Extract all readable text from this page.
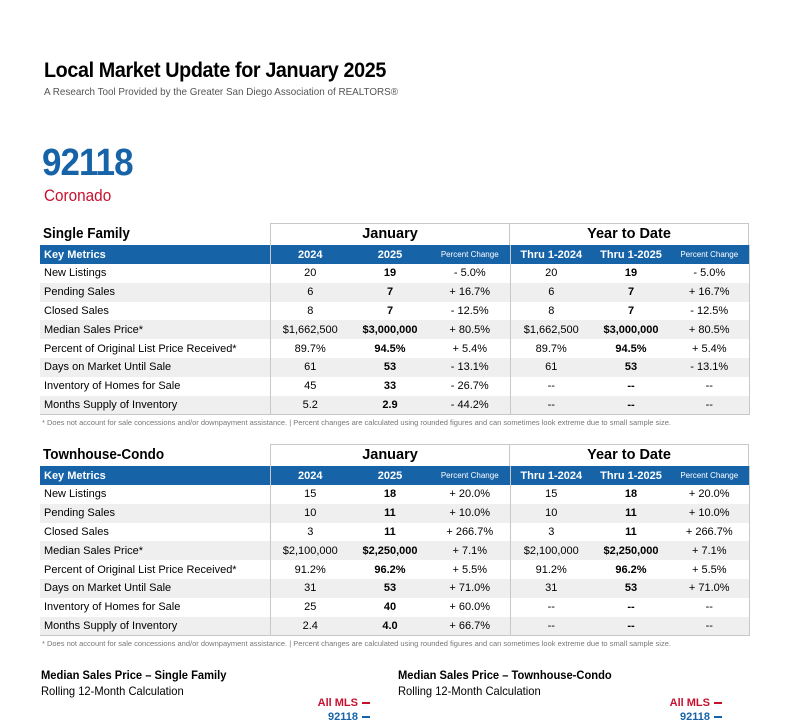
Local Market Update for January 2025
A Research Tool Provided by the Greater San Diego Association of REALTORS®
92118
Coronado
Single Family	January	Year to Date
Key Metrics	2024	2025	Percent Change	Thru 1-2024	Thru 1-2025	Percent Change
New Listings	20	19	- 5.0%	20	19	- 5.0%
Pending Sales	6	7	+ 16.7%	6	7	+ 16.7%
Closed Sales	8	7	- 12.5%	8	7	- 12.5%
Median Sales Price*	$1,662,500	$3,000,000	+ 80.5%	$1,662,500	$3,000,000	+ 80.5%
Percent of Original List Price Received*	89.7%	94.5%	+ 5.4%	89.7%	94.5%	+ 5.4%
Days on Market Until Sale	61	53	- 13.1%	61	53	- 13.1%
Inventory of Homes for Sale	45	33	- 26.7%	--	--	--
Months Supply of Inventory	5.2	2.9	- 44.2%	--	--	--
* Does not account for sale concessions and/or downpayment assistance. | Percent changes are calculated using rounded figures and can sometimes look extreme due to small sample size.
Townhouse-Condo	January	Year to Date
Key Metrics	2024	2025	Percent Change	Thru 1-2024	Thru 1-2025	Percent Change
New Listings	15	18	+ 20.0%	15	18	+ 20.0%
Pending Sales	10	11	+ 10.0%	10	11	+ 10.0%
Closed Sales	3	11	+ 266.7%	3	11	+ 266.7%
Median Sales Price*	$2,100,000	$2,250,000	+ 7.1%	$2,100,000	$2,250,000	+ 7.1%
Percent of Original List Price Received*	91.2%	96.2%	+ 5.5%	91.2%	96.2%	+ 5.5%
Days on Market Until Sale	31	53	+ 71.0%	31	53	+ 71.0%
Inventory of Homes for Sale	25	40	+ 60.0%	--	--	--
Months Supply of Inventory	2.4	4.0	+ 66.7%	--	--	--
* Does not account for sale concessions and/or downpayment assistance. | Percent changes are calculated using rounded figures and can sometimes look extreme due to small sample size.
Median Sales Price – Single Family
Rolling 12-Month Calculation
All MLS
92118
Median Sales Price – Townhouse-Condo
Rolling 12-Month Calculation
All MLS
92118
